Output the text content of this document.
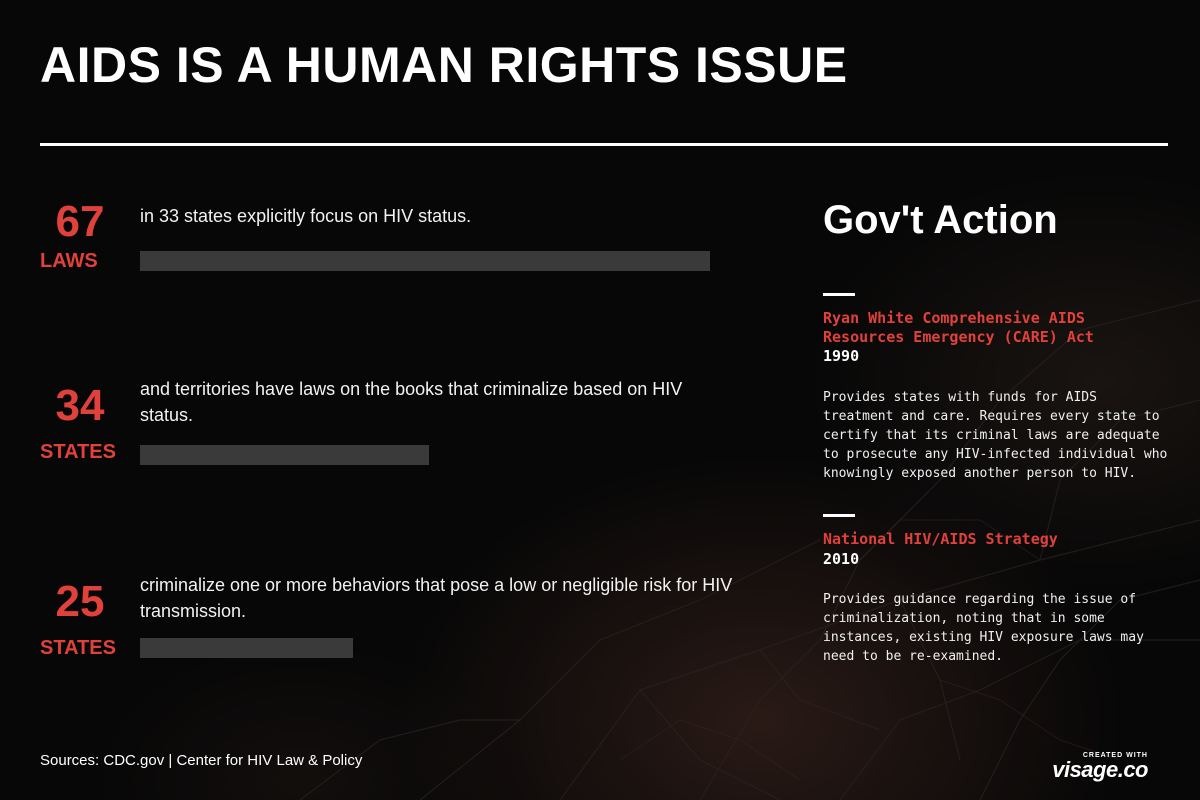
AIDS IS A HUMAN RIGHTS ISSUE
67
LAWS
in 33 states explicitly focus on HIV status.
34
STATES
and territories have laws on the books that criminalize based on HIV status.
25
STATES
criminalize one or more behaviors that pose a low or negligible risk for HIV transmission.
Gov't Action
Ryan White Comprehensive AIDS Resources Emergency (CARE) Act
1990
Provides states with funds for AIDS treatment and care. Requires every state to certify that its criminal laws are adequate to prosecute any HIV-infected individual who knowingly exposed another person to HIV.
National HIV/AIDS Strategy
2010
Provides guidance regarding the issue of criminalization, noting that in some instances, existing HIV exposure laws may need to be re-examined.
Sources: CDC.gov | Center for HIV Law & Policy	CREATED WITH
visage.co
